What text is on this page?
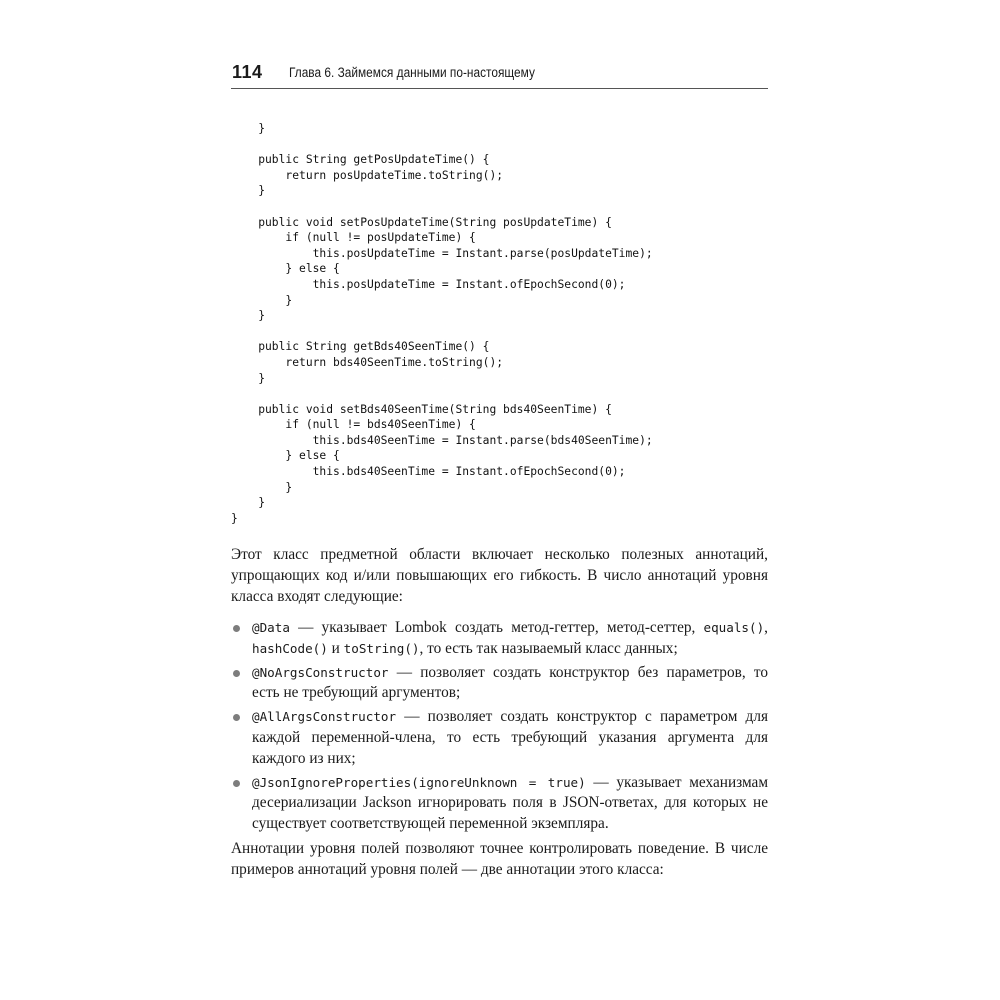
114 Глава 6. Займемся данными по-настоящему
}
public String getPosUpdateTime() {
return posUpdateTime.toString();
}
public void setPosUpdateTime(String posUpdateTime) {
if (null != posUpdateTime) {
this.posUpdateTime = Instant.parse(posUpdateTime);
} else {
this.posUpdateTime = Instant.ofEpochSecond(0);
}
}
public String getBds40SeenTime() {
return bds40SeenTime.toString();
}
public void setBds40SeenTime(String bds40SeenTime) {
if (null != bds40SeenTime) {
this.bds40SeenTime = Instant.parse(bds40SeenTime);
} else {
this.bds40SeenTime = Instant.ofEpochSecond(0);
}
}
}

Этот класс предметной области включает несколько полезных аннотаций, упрощающих код и/или повышающих его гибкость. В число аннотаций уровня класса входят следующие:

@Data — указывает Lombok создать метод-геттер, метод-сеттер, equals(), hashCode() и toString(), то есть так называемый класс данных;
@NoArgsConstructor — позволяет создать конструктор без параметров, то есть не требующий аргументов;
@AllArgsConstructor — позволяет создать конструктор с параметром для каждой переменной-члена, то есть требующий указания аргумента для каждого из них;
@JsonIgnoreProperties(ignoreUnknown = true) — указывает механизмам десериализации Jackson игнорировать поля в JSON-ответах, для которых не существует соответствующей переменной экземпляра.

Аннотации уровня полей позволяют точнее контролировать поведение. В числе примеров аннотаций уровня полей — две аннотации этого класса:
